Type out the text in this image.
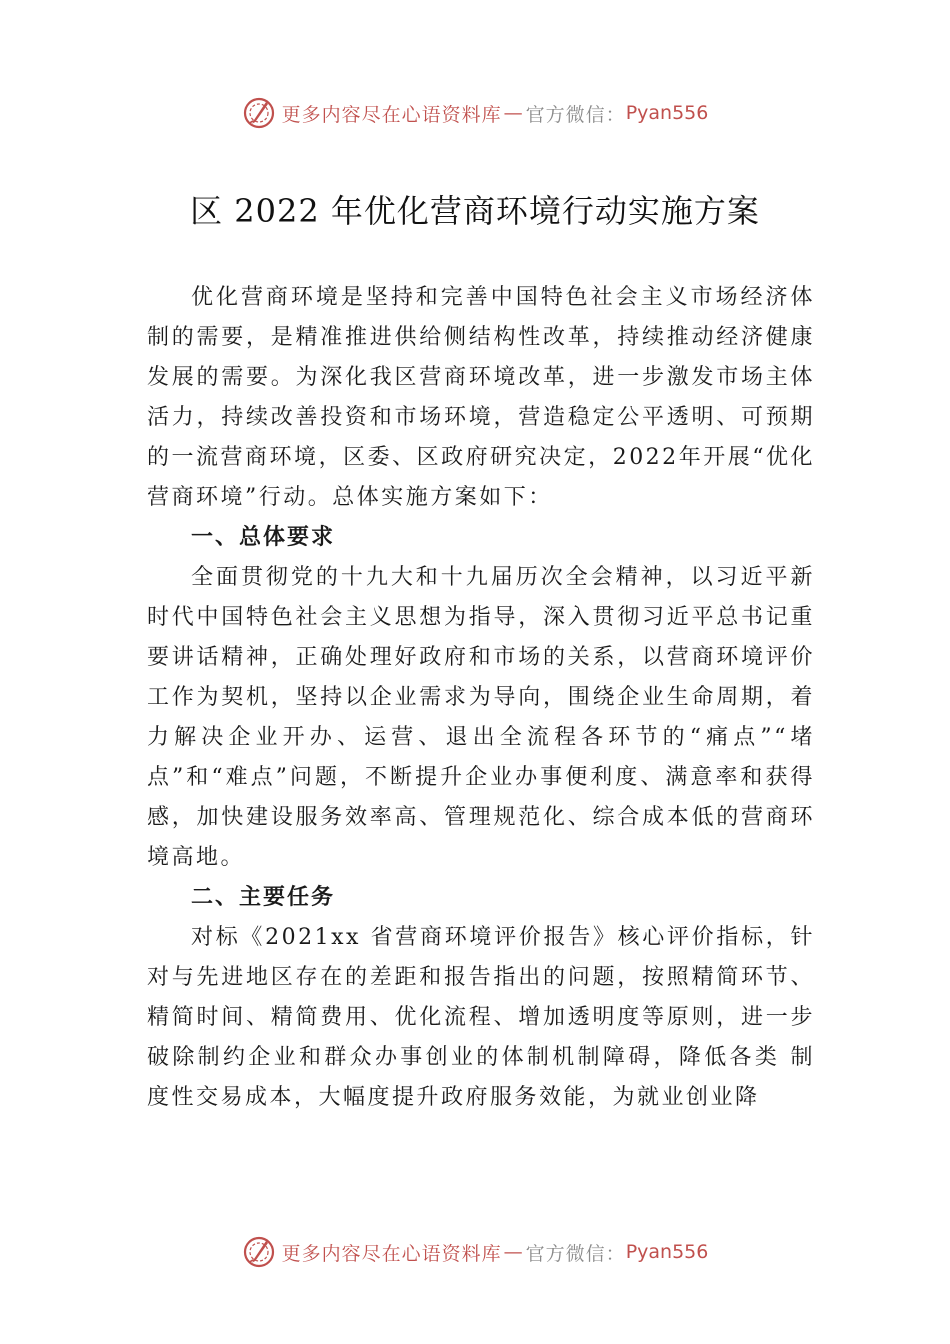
更多内容尽在心语资料库 — 官方微信： Pyan556
区 2022 年优化营商环境行动实施方案

优化营商环境是坚持和完善中国特色社会主义市场经济体制的需要，是精准推进供给侧结构性改革，持续推动经济健康发展的需要。为深化我区营商环境改革，进一步激发市场主体活力，持续改善投资和市场环境，营造稳定公平透明、可预期的一流营商环境，区委、区政府研究决定，2022年开展“优化营商环境”行动。总体实施方案如下：

一、总体要求

全面贯彻党的十九大和十九届历次全会精神，以习近平新时代中国特色社会主义思想为指导，深入贯彻习近平总书记重要讲话精神，正确处理好政府和市场的关系，以营商环境评价工作为契机，坚持以企业需求为导向，围绕企业生命周期，着力解决企业开办、运营、退出全流程各环节的“痛点”“堵点”和“难点”问题，不断提升企业办事便利度、满意率和获得感，加快建设服务效率高、管理规范化、综合成本低的营商环境高地。

二、主要任务

对标《2021xx 省营商环境评价报告》核心评价指标，针对与先进地区存在的差距和报告指出的问题，按照精简环节、精简时间、精简费用、优化流程、增加透明度等原则，进一步破除制约企业和群众办事创业的体制机制障碍，降低各类 制度性交易成本，大幅度提升政府服务效能，为就业创业降

更多内容尽在心语资料库 — 官方微信： Pyan556
